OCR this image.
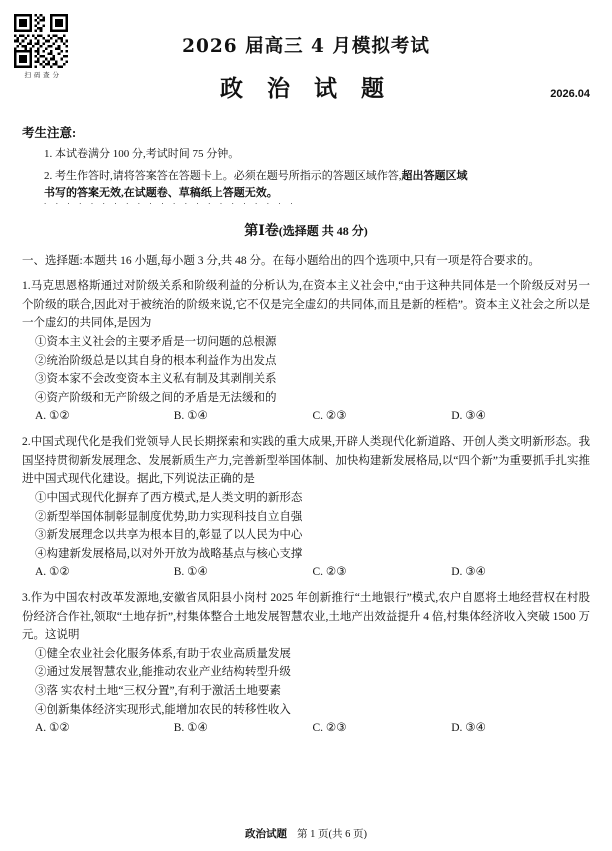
扫 码 查 分
2026 届高三 4 月模拟考试
政 治 试 题	2026.04
考生注意:
1. 本试卷满分 100 分,考试时间 75 分钟。
2. 考生作答时,请将答案答在答题卡上。必须在题号所指示的答题区域作答,超出答题区域
书写的答案无效,在试题卷、草稿纸上答题无效。
‧‧‧‧‧‧‧‧‧‧‧‧‧‧‧‧‧‧‧‧‧‧
第Ⅰ卷(选择题 共 48 分)
一、选择题:本题共 16 小题,每小题 3 分,共 48 分。在每小题给出的四个选项中,只有一项是符合要求的。
1.马克思恩格斯通过对阶级关系和阶级利益的分析认为,在资本主义社会中,“由于这种共同体是一个阶级反对另一个阶级的联合,因此对于被统治的阶级来说,它不仅是完全虚幻的共同体,而且是新的桎梏”。资本主义社会之所以是一个虚幻的共同体,是因为
①资本主义社会的主要矛盾是一切问题的总根源
②统治阶级总是以其自身的根本利益作为出发点
③资本家不会改变资本主义私有制及其剥削关系
④资产阶级和无产阶级之间的矛盾是无法缓和的
A. ①②	B. ①④	C. ②③	D. ③④
2.中国式现代化是我们党领导人民长期探索和实践的重大成果,开辟人类现代化新道路、开创人类文明新形态。我国坚持贯彻新发展理念、发展新质生产力,完善新型举国体制、加快构建新发展格局,以“四个新”为重要抓手扎实推进中国式现代化建设。据此,下列说法正确的是
①中国式现代化摒弃了西方模式,是人类文明的新形态
②新型举国体制彰显制度优势,助力实现科技自立自强
③新发展理念以共享为根本目的,彰显了以人民为中心
④构建新发展格局,以对外开放为战略基点与核心支撑
A. ①②	B. ①④	C. ②③	D. ③④
3.作为中国农村改革发源地,安徽省凤阳县小岗村 2025 年创新推行“土地银行”模式,农户自愿将土地经营权在村股份经济合作社,领取“土地存折”,村集体整合土地发展智慧农业,土地产出效益提升 4 倍,村集体经济收入突破 1500 万元。这说明
①健全农业社会化服务体系,有助于农业高质量发展
②通过发展智慧农业,能推动农业产业结构转型升级
③落 实农村土地“三权分置”,有利于激活土地要素
④创新集体经济实现形式,能增加农民的转移性收入
A. ①②	B. ①④	C. ②③	D. ③④
政治试题 第 1 页(共 6 页)
